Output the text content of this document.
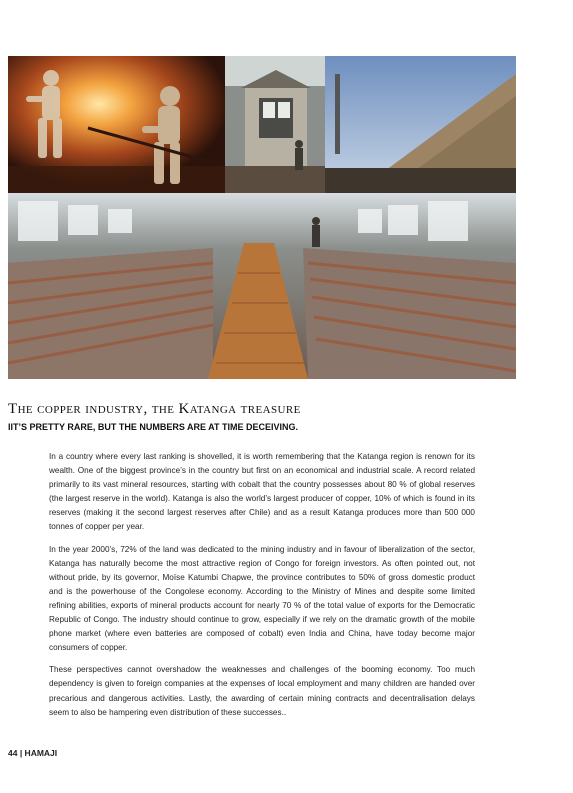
The copper industry, the Katanga treasure
IIT’S PRETTY RARE, BUT THE NUMBERS ARE AT TIME DECEIVING.

In a country where every last ranking is shovelled, it is worth remembering that the Katanga region is renown for its wealth. One of the biggest province’s in the country but first on an economical and industrial scale. A record related primarily to its vast mineral resources, starting with cobalt that the country possesses about 80 % of global reserves (the largest reserve in the world). Katanga is also the world’s largest producer of copper, 10% of which is found in its reserves (making it the second largest reserves after Chile) and as a result Katanga produces more than 500 000 tonnes of copper per year.

In the year 2000’s, 72% of the land was dedicated to the mining industry and in favour of liberalization of the sector, Katanga has naturally become the most attractive region of Congo for foreign investors. As often pointed out, not without pride, by its governor, Moïse Katumbi Chapwe, the province contributes to 50% of gross domestic product and is the powerhouse of the Congolese economy. According to the Ministry of Mines and despite some limited refining abilities, exports of mineral products account for nearly 70 % of the total value of exports for the Democratic Republic of Congo. The industry should continue to grow, especially if we rely on the dramatic growth of the mobile phone market (where even batteries are composed of cobalt) even India and China, have today become major consumers of copper.

These perspectives cannot overshadow the weaknesses and challenges of the booming economy. Too much dependency is given to foreign companies at the expenses of local employment and many children are handed over precarious and dangerous activities. Lastly, the awarding of certain mining contracts and decentralisation delays seem to also be hampering even distribution of these successes..

44 | HAMAJI
